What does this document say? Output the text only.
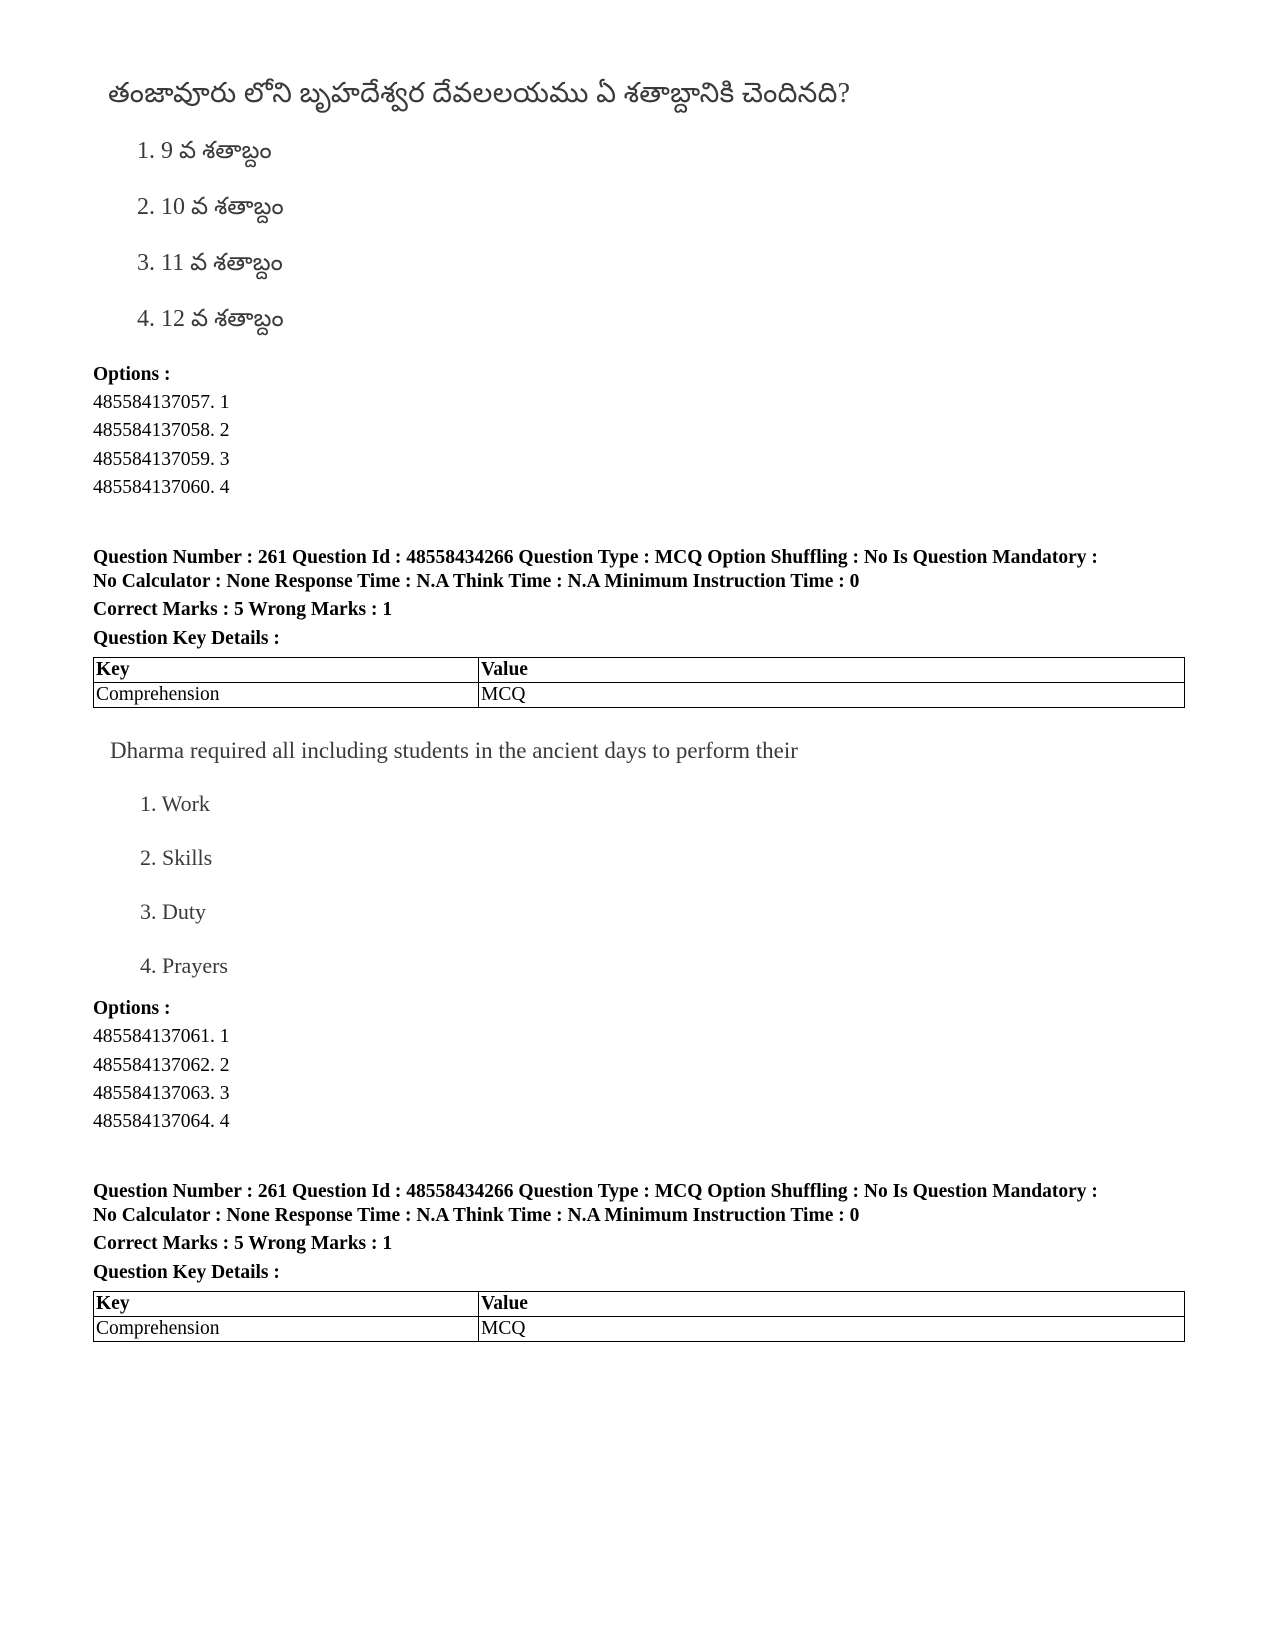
తంజావూరు లోని బృహదేశ్వర దేవలలయము ఏ శతాబ్దానికి చెందినది?
1. 9 వ శతాబ్దం
2. 10 వ శతాబ్దం
3. 11 వ శతాబ్దం
4. 12 వ శతాబ్దం
Options :
485584137057. 1
485584137058. 2
485584137059. 3
485584137060. 4
Question Number : 261 Question Id : 48558434266 Question Type : MCQ Option Shuffling : No Is Question Mandatory :
No Calculator : None Response Time : N.A Think Time : N.A Minimum Instruction Time : 0
Correct Marks : 5 Wrong Marks : 1
Question Key Details :
Key	Value
Comprehension	MCQ
Dharma required all including students in the ancient days to perform their
1. Work
2. Skills
3. Duty
4. Prayers
Options :
485584137061. 1
485584137062. 2
485584137063. 3
485584137064. 4
Question Number : 261 Question Id : 48558434266 Question Type : MCQ Option Shuffling : No Is Question Mandatory :
No Calculator : None Response Time : N.A Think Time : N.A Minimum Instruction Time : 0
Correct Marks : 5 Wrong Marks : 1
Question Key Details :
Key	Value
Comprehension	MCQ
